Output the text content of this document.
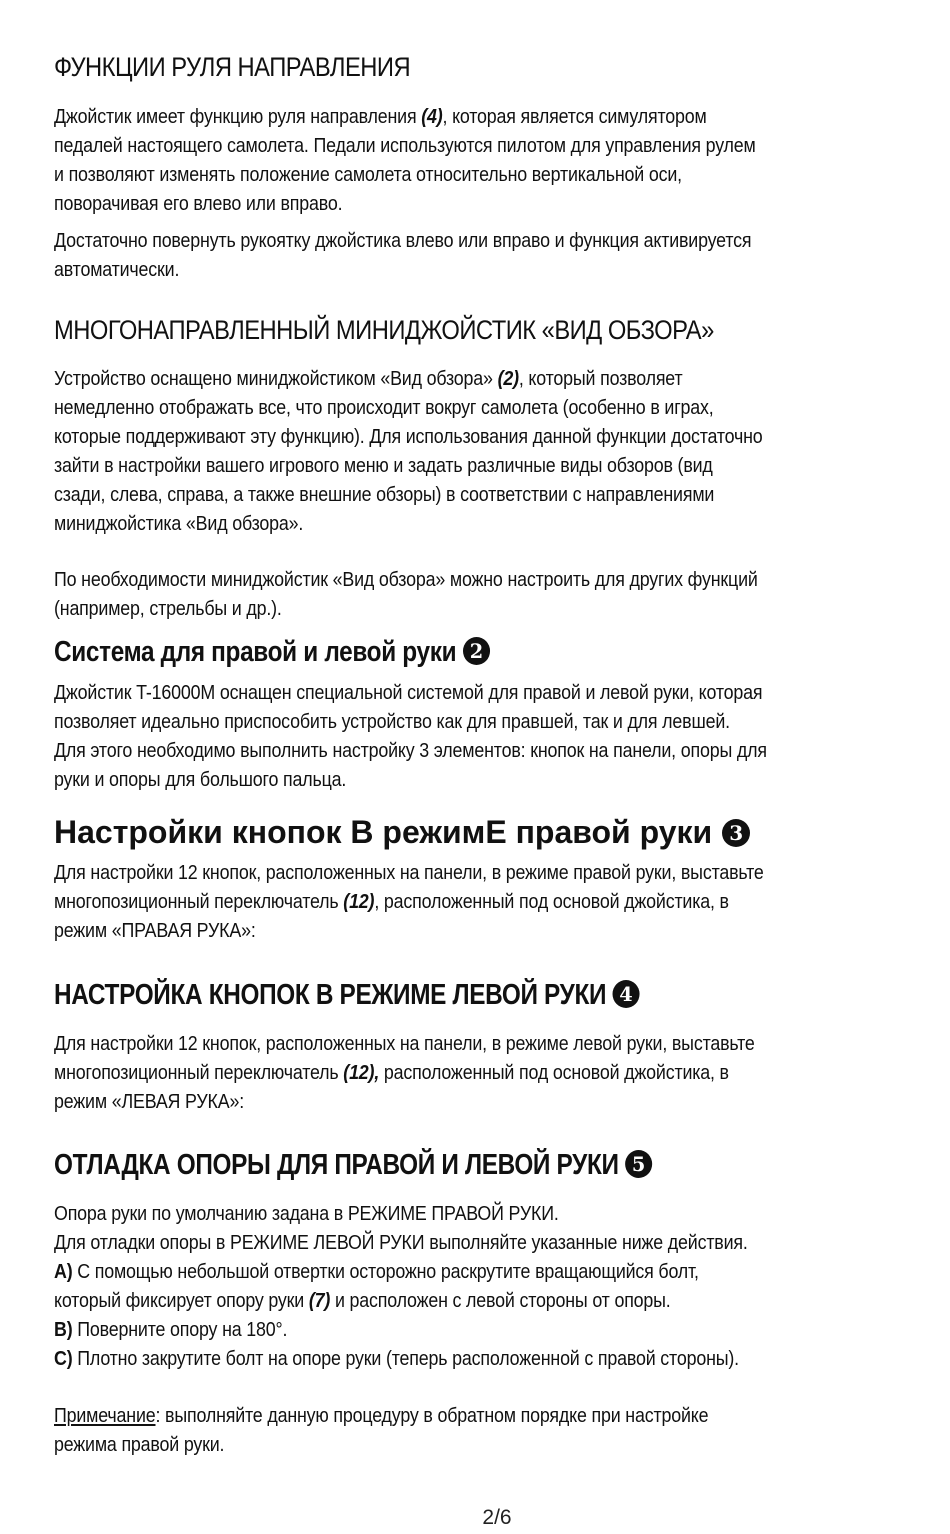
ФУНКЦИИ РУЛЯ НАПРАВЛЕНИЯ
Джойстик имеет функцию руля направления (4), которая является симулятором
педалей настоящего самолета. Педали используются пилотом для управления рулем
и позволяют изменять положение самолета относительно вертикальной оси,
поворачивая его влево или вправо.
Достаточно повернуть рукоятку джойстика влево или вправо и функция активируется
автоматически.
МНОГОНАПРАВЛЕННЫЙ МИНИДЖОЙСТИК «ВИД ОБЗОРА»
Устройство оснащено миниджойстиком «Вид обзора» (2), который позволяет
немедленно отображать все, что происходит вокруг самолета (особенно в играх,
которые поддерживают эту функцию). Для использования данной функции достаточно
зайти в настройки вашего игрового меню и задать различные виды обзоров (вид
сзади, слева, справа, а также внешние обзоры) в соответствии с направлениями
миниджойстика «Вид обзора».
По необходимости миниджойстик «Вид обзора» можно настроить для других функций
(например, стрельбы и др.).
Система для правой и левой руки 2
Джойстик T-16000M оснащен специальной системой для правой и левой руки, которая
позволяет идеально приспособить устройство как для правшей, так и для левшей.
Для этого необходимо выполнить настройку 3 элементов: кнопок на панели, опоры для
руки и опоры для большого пальца.
Настройки кнопок В режимЕ правой руки 3
Для настройки 12 кнопок, расположенных на панели, в режиме правой руки, выставьте
многопозиционный переключатель (12), расположенный под основой джойстика, в
режим «ПРАВАЯ РУКА»:
НАСТРОЙКА КНОПОК В РЕЖИМЕ ЛЕВОЙ РУКИ 4
Для настройки 12 кнопок, расположенных на панели, в режиме левой руки, выставьте
многопозиционный переключатель (12), расположенный под основой джойстика, в
режим «ЛЕВАЯ РУКА»:
ОТЛАДКА ОПОРЫ ДЛЯ ПРАВОЙ И ЛЕВОЙ РУКИ 5
Опора руки по умолчанию задана в РЕЖИМЕ ПРАВОЙ РУКИ.
Для отладки опоры в РЕЖИМЕ ЛЕВОЙ РУКИ выполняйте указанные ниже действия.
A) С помощью небольшой отвертки осторожно раскрутите вращающийся болт,
который фиксирует опору руки (7) и расположен с левой стороны от опоры.
B) Поверните опору на 180°.
C) Плотно закрутите болт на опоре руки (теперь расположенной с правой стороны).
Примечание: выполняйте данную процедуру в обратном порядке при настройке
режима правой руки.
2/6
